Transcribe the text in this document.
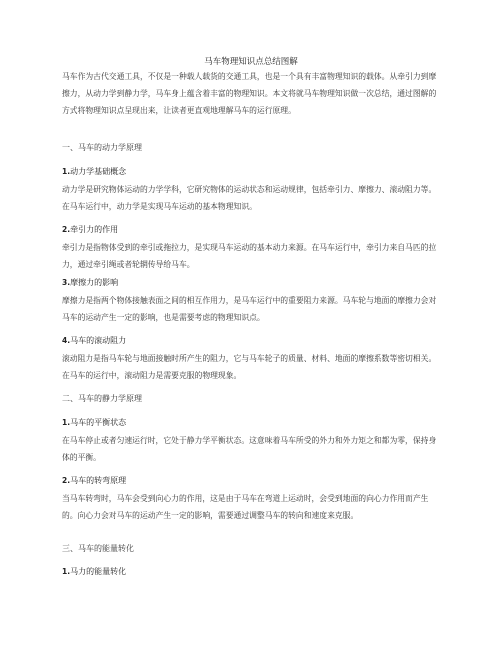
马车物理知识点总结图解

马车作为古代交通工具，不仅是一种载人载货的交通工具，也是一个具有丰富物理知识的载体。从牵引力到摩擦力，从动力学到静力学，马车身上蕴含着丰富的物理知识。本文将就马车物理知识做一次总结，通过图解的方式将物理知识点呈现出来，让读者更直观地理解马车的运行原理。

一、马车的动力学原理
1.动力学基础概念

动力学是研究物体运动的力学学科，它研究物体的运动状态和运动规律，包括牵引力、摩擦力、滚动阻力等。在马车运行中，动力学是实现马车运动的基本物理知识。

2.牵引力的作用

牵引力是指物体受到的牵引或拖拉力，是实现马车运动的基本动力来源。在马车运行中，牵引力来自马匹的拉力，通过牵引绳或者轮辋传导给马车。

3.摩擦力的影响

摩擦力是指两个物体接触表面之间的相互作用力，是马车运行中的重要阻力来源。马车轮与地面的摩擦力会对马车的运动产生一定的影响，也是需要考虑的物理知识点。

4.马车的滚动阻力

滚动阻力是指马车轮与地面接触时所产生的阻力，它与马车轮子的质量、材料、地面的摩擦系数等密切相关。在马车的运行中，滚动阻力是需要克服的物理现象。

二、马车的静力学原理
1.马车的平衡状态

在马车停止或者匀速运行时，它处于静力学平衡状态。这意味着马车所受的外力和外力矩之和都为零，保持身体的平衡。

2.马车的转弯原理

当马车转弯时，马车会受到向心力的作用，这是由于马车在弯道上运动时，会受到地面的向心力作用而产生的。向心力会对马车的运动产生一定的影响，需要通过调整马车的转向和速度来克服。

三、马车的能量转化
1.马力的能量转化
